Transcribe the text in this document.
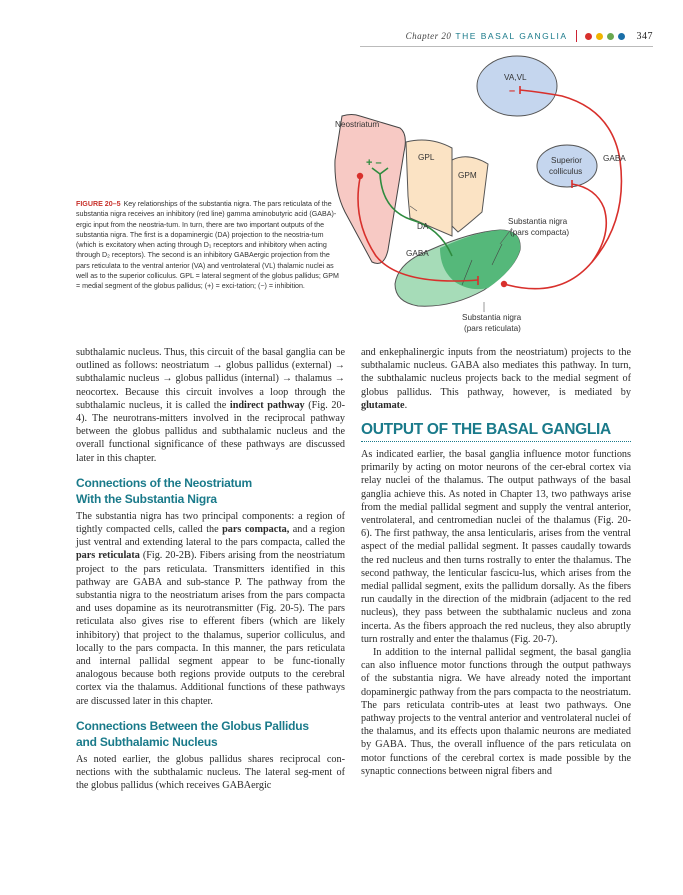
Chapter 20 THE BASAL GANGLIA	347
VA,VL
–
Neostriatum
GPL
GPM
+ –	Superior
colliculus
GABA
DA
GABA
Substantia nigra
(pars compacta)
Substantia nigra
(pars reticulata)
FIGURE 20–5 Key relationships of the substantia nigra. The pars reticulata of the substantia nigra receives an inhibitory (red line) gamma aminobutyric acid (GABA)-ergic input from the neostria-tum. In turn, there are two important outputs of the substantia nigra. The first is a dopaminergic (DA) projection to the neostria-tum (which is excitatory when acting through D₁ receptors and inhibitory when acting through D₂ receptors). The second is an inhibitory GABAergic projection from the pars reticulata to the ventral anterior (VA) and ventrolateral (VL) thalamic nuclei as well as to the superior colliculus. GPL = lateral segment of the globus pallidus; GPM = medial segment of the globus pallidus; (+) = exci-tation; (−) = inhibition.

subthalamic nucleus. Thus, this circuit of the basal ganglia can be outlined as follows: neostriatum → globus pallidus (external) → subthalamic nucleus → globus pallidus (internal) → thalamus → neocortex. Because this circuit involves a loop through the subthalamic nucleus, it is called the indirect pathway (Fig. 20-4). The neurotrans-mitters involved in the reciprocal pathway between the globus pallidus and subthalamic nucleus and the overall functional significance of these pathways are discussed later in this chapter.

Connections of the Neostriatum
With the Substantia Nigra

The substantia nigra has two principal components: a region of tightly compacted cells, called the pars compacta, and a region just ventral and extending lateral to the pars compacta, called the pars reticulata (Fig. 20-2B). Fibers arising from the neostriatum project to the pars reticulata. Transmitters identified in this pathway are GABA and sub-stance P. The pathway from the substantia nigra to the neostriatum arises from the pars compacta and uses dopamine as its neurotransmitter (Fig. 20-5). The pars reticulata also gives rise to efferent fibers (which are likely inhibitory) that project to the thalamus, superior colliculus, and locally to the pars compacta. In this manner, the pars reticulata and internal pallidal segment appear to be func-tionally analogous because both regions provide outputs to the cerebral cortex via the thalamus. Additional functions of these pathways are discussed later in this chapter.

Connections Between the Globus Pallidus
and Subthalamic Nucleus

As noted earlier, the globus pallidus shares reciprocal con-nections with the subthalamic nucleus. The lateral seg-ment of the globus pallidus (which receives GABAergic

and enkephalinergic inputs from the neostriatum) projects to the subthalamic nucleus. GABA also mediates this pathway. In turn, the subthalamic nucleus projects back to the medial segment of globus pallidus. This pathway, however, is mediated by glutamate.

OUTPUT OF THE BASAL GANGLIA

As indicated earlier, the basal ganglia influence motor functions primarily by acting on motor neurons of the cer-ebral cortex via relay nuclei of the thalamus. The output pathways of the basal ganglia achieve this. As noted in Chapter 13, two pathways arise from the medial pallidal segment and supply the ventral anterior, ventrolateral, and centromedian nuclei of the thalamus (Fig. 20-6). The first pathway, the ansa lenticularis, arises from the ventral aspect of the medial pallidal segment. It passes caudally towards the red nucleus and then turns rostrally to enter the thalamus. The second pathway, the lenticular fascicu-lus, which arises from the medial pallidal segment, exits the pallidum dorsally. As the fibers run caudally in the direction of the midbrain (adjacent to the red nucleus), they pass between the subthalamic nucleus and zona incerta. As the fibers approach the red nucleus, they also abruptly turn rostrally and enter the thalamus (Fig. 20-7).

In addition to the internal pallidal segment, the basal ganglia can also influence motor functions through the output pathways of the substantia nigra. We have already noted the important dopaminergic pathway from the pars compacta to the neostriatum. The pars reticulata contrib-utes at least two pathways. One pathway projects to the ventral anterior and ventrolateral nuclei of the thalamus, and its effects upon thalamic neurons are mediated by GABA. Thus, the overall influence of the pars reticulata on motor functions of the cerebral cortex is made possible by the synaptic connections between nigral fibers and
